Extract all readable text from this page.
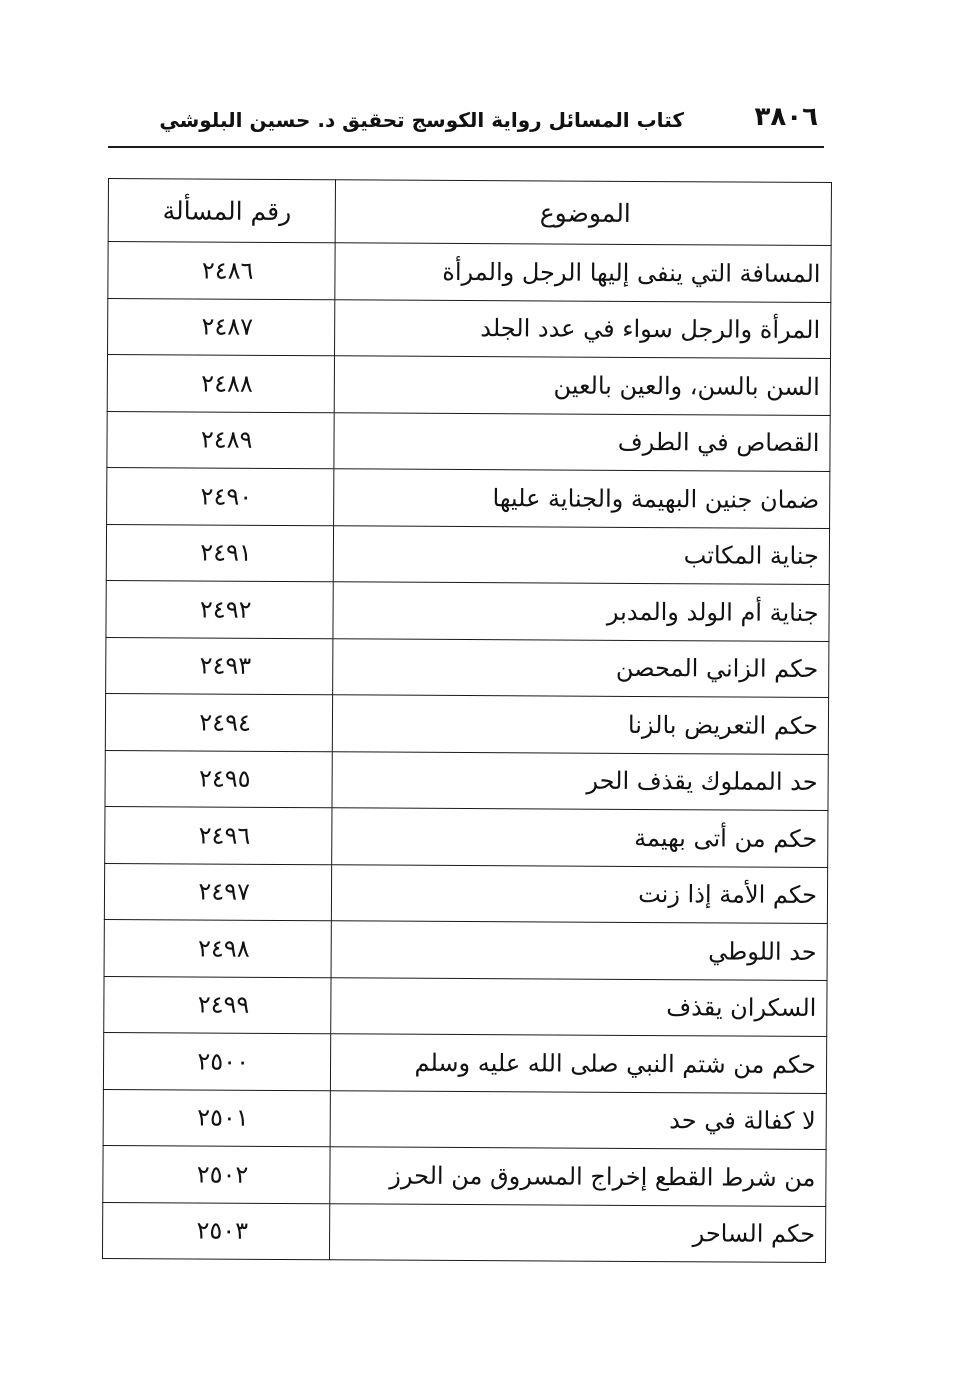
٣٨٠٦
كتاب المسائل رواية الكوسج تحقيق د. حسين البلوشي
الموضوع	رقم المسألة
المسافة التي ينفى إليها الرجل والمرأة	٢٤٨٦
المرأة والرجل سواء في عدد الجلد	٢٤٨٧
السن بالسن، والعين بالعين	٢٤٨٨
القصاص في الطرف	٢٤٨٩
ضمان جنين البهيمة والجناية عليها	٢٤٩٠
جناية المكاتب	٢٤٩١
جناية أم الولد والمدبر	٢٤٩٢
حكم الزاني المحصن	٢٤٩٣
حكم التعريض بالزنا	٢٤٩٤
حد المملوك يقذف الحر	٢٤٩٥
حكم من أتى بهيمة	٢٤٩٦
حكم الأمة إذا زنت	٢٤٩٧
حد اللوطي	٢٤٩٨
السكران يقذف	٢٤٩٩
حكم من شتم النبي صلى الله عليه وسلم	٢٥٠٠
لا كفالة في حد	٢٥٠١
من شرط القطع إخراج المسروق من الحرز	٢٥٠٢
حكم الساحر	٢٥٠٣
